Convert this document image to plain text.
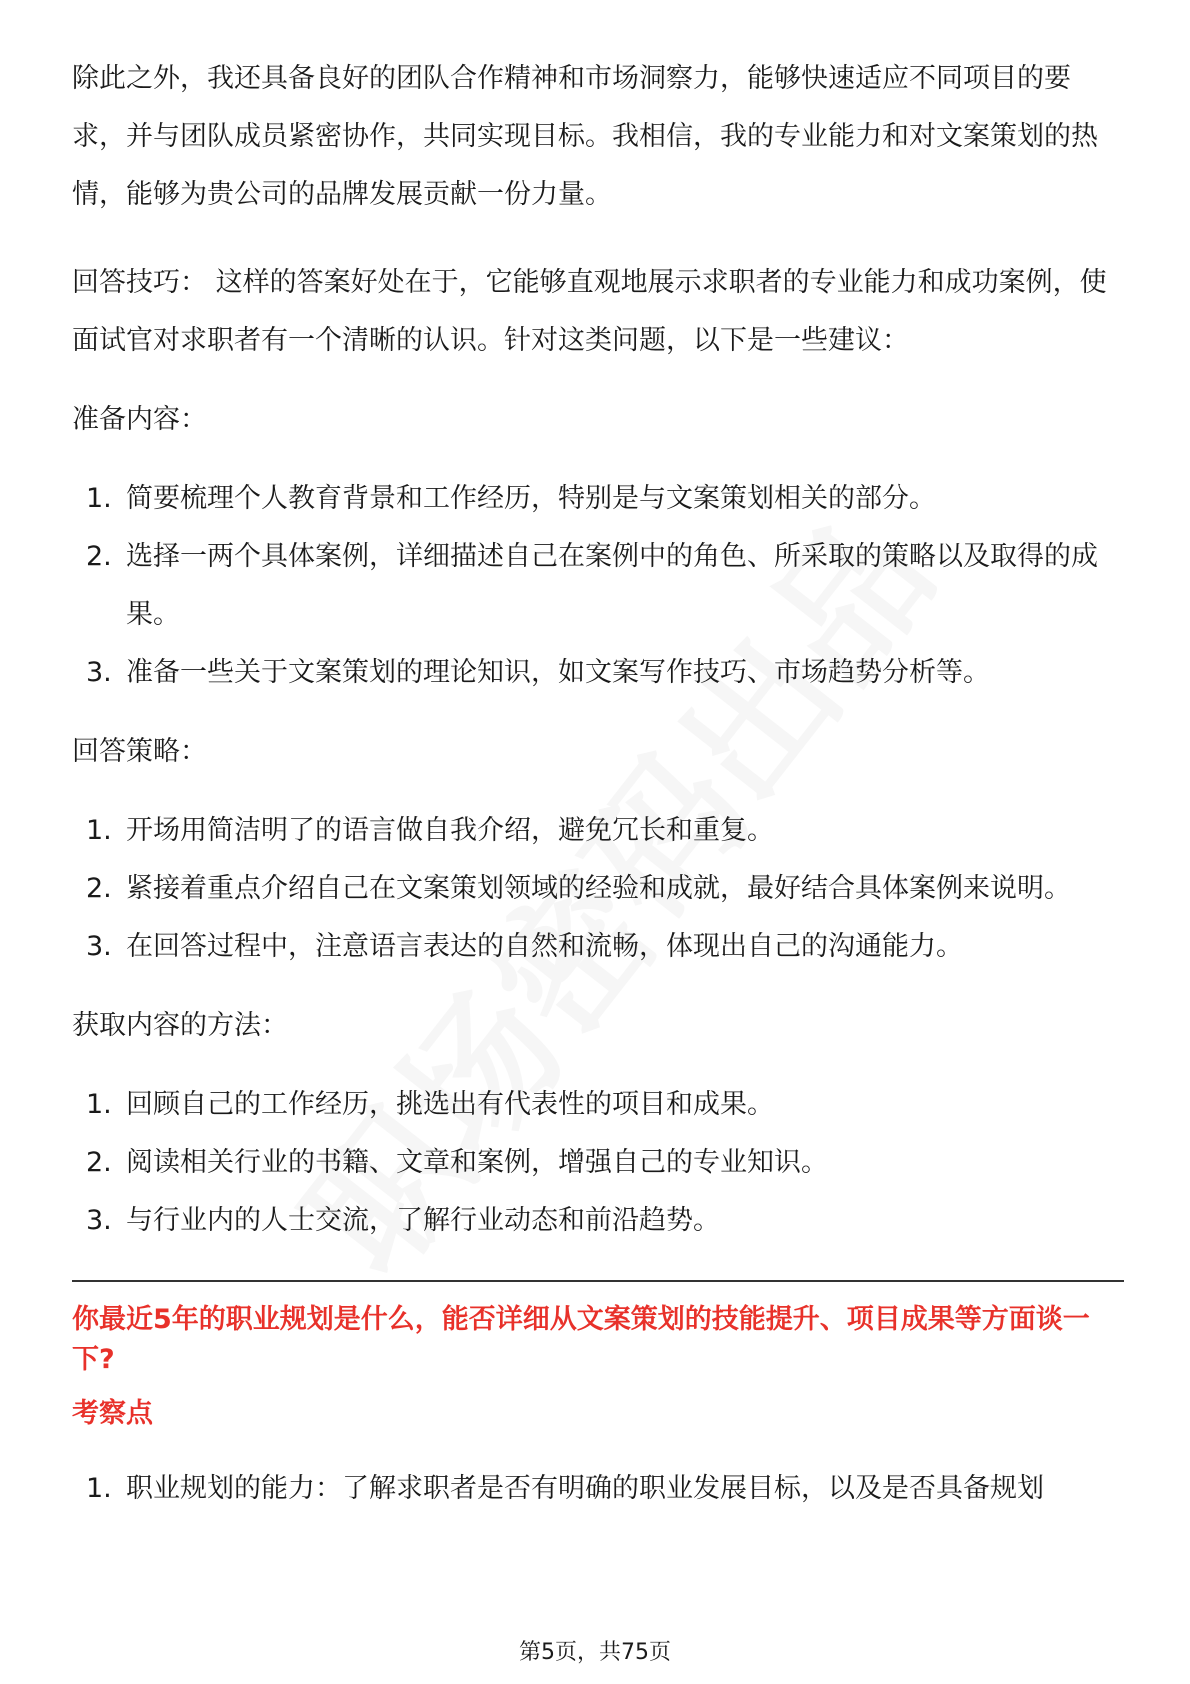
除此之外，我还具备良好的团队合作精神和市场洞察力，能够快速适应不同项目的要求，并与团队成员紧密协作，共同实现目标。我相信，我的专业能力和对文案策划的热情，能够为贵公司的品牌发展贡献一份力量。

回答技巧： 这样的答案好处在于，它能够直观地展示求职者的专业能力和成功案例，使面试官对求职者有一个清晰的认识。针对这类问题，以下是一些建议：

准备内容：
1. 简要梳理个人教育背景和工作经历，特别是与文案策划相关的部分。
2. 选择一两个具体案例，详细描述自己在案例中的角色、所采取的策略以及取得的成果。
3. 准备一些关于文案策划的理论知识，如文案写作技巧、市场趋势分析等。
回答策略：
1. 开场用简洁明了的语言做自我介绍，避免冗长和重复。
2. 紧接着重点介绍自己在文案策划领域的经验和成就，最好结合具体案例来说明。
3. 在回答过程中，注意语言表达的自然和流畅，体现出自己的沟通能力。
获取内容的方法：
1. 回顾自己的工作经历，挑选出有代表性的项目和成果。
2. 阅读相关行业的书籍、文章和案例，增强自己的专业知识。
3. 与行业内的人士交流，了解行业动态和前沿趋势。
你最近5年的职业规划是什么，能否详细从文案策划的技能提升、项目成果等方面谈一下?
考察点
1. 职业规划的能力：了解求职者是否有明确的职业发展目标，以及是否具备规划
第5页，共75页
